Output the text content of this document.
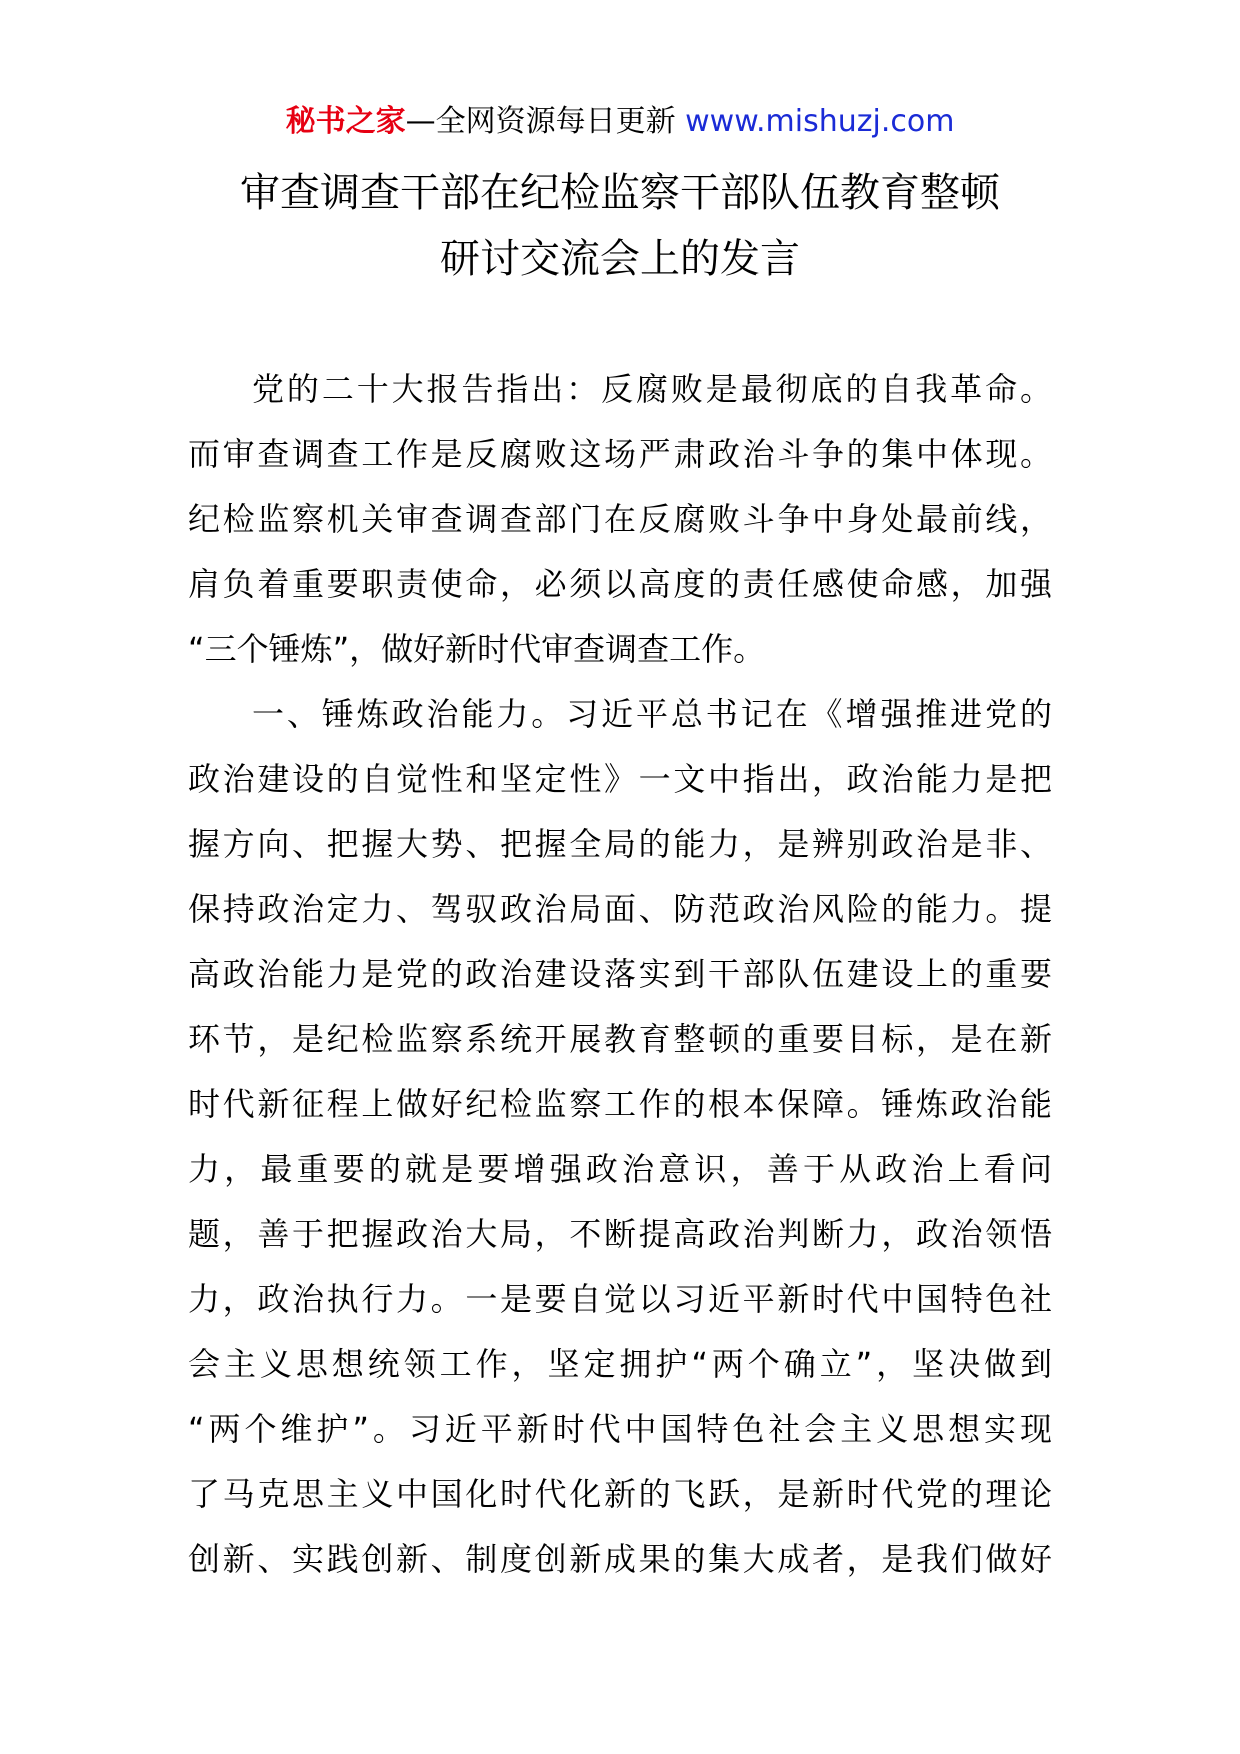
秘书之家—全网资源每日更新 www.mishuzj.com
审查调查干部在纪检监察干部队伍教育整顿
研讨交流会上的发言
党的二十大报告指出：反腐败是最彻底的自我革命。
而审查调查工作是反腐败这场严肃政治斗争的集中体现。
纪检监察机关审查调查部门在反腐败斗争中身处最前线，
肩负着重要职责使命，必须以高度的责任感使命感，加强
“三个锤炼”，做好新时代审查调查工作。
一、锤炼政治能力。习近平总书记在《增强推进党的
政治建设的自觉性和坚定性》一文中指出，政治能力是把
握方向、把握大势、把握全局的能力，是辨别政治是非、
保持政治定力、驾驭政治局面、防范政治风险的能力。提
高政治能力是党的政治建设落实到干部队伍建设上的重要
环节，是纪检监察系统开展教育整顿的重要目标，是在新
时代新征程上做好纪检监察工作的根本保障。锤炼政治能
力，最重要的就是要增强政治意识，善于从政治上看问
题，善于把握政治大局，不断提高政治判断力，政治领悟
力，政治执行力。一是要自觉以习近平新时代中国特色社
会主义思想统领工作，坚定拥护“两个确立”，坚决做到
“两个维护”。习近平新时代中国特色社会主义思想实现
了马克思主义中国化时代化新的飞跃，是新时代党的理论
创新、实践创新、制度创新成果的集大成者，是我们做好
